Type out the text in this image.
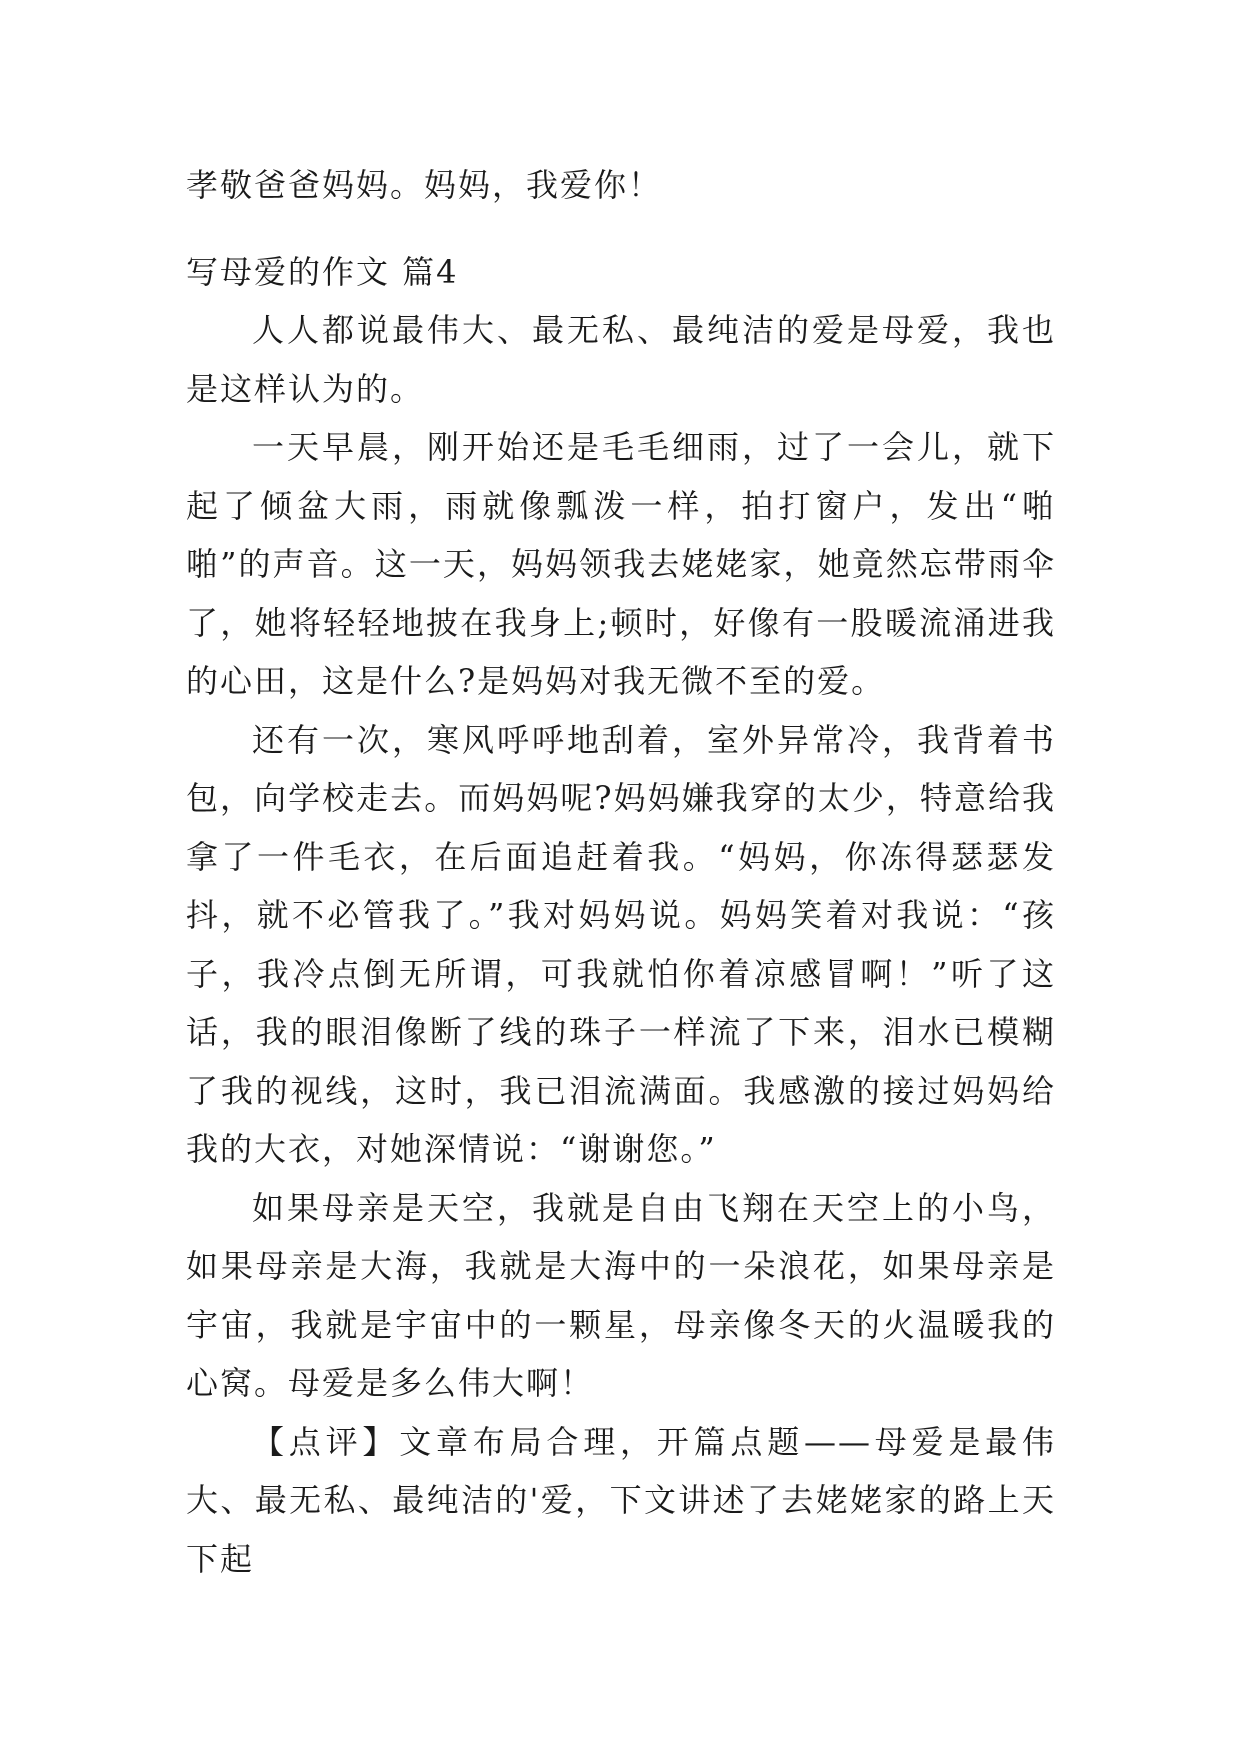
孝敬爸爸妈妈。妈妈，我爱你！

写母爱的作文 篇4

人人都说最伟大、最无私、最纯洁的爱是母爱，我也是这样认为的。

一天早晨，刚开始还是毛毛细雨，过了一会儿，就下起了倾盆大雨，雨就像瓢泼一样，拍打窗户，发出“啪啪”的声音。这一天，妈妈领我去姥姥家，她竟然忘带雨伞了，她将轻轻地披在我身上;顿时，好像有一股暖流涌进我的心田，这是什么?是妈妈对我无微不至的爱。

还有一次，寒风呼呼地刮着，室外异常冷，我背着书包，向学校走去。而妈妈呢?妈妈嫌我穿的太少，特意给我拿了一件毛衣，在后面追赶着我。“妈妈，你冻得瑟瑟发抖，就不必管我了。”我对妈妈说。妈妈笑着对我说：“孩子，我冷点倒无所谓，可我就怕你着凉感冒啊！”听了这话，我的眼泪像断了线的珠子一样流了下来，泪水已模糊了我的视线，这时，我已泪流满面。我感激的接过妈妈给我的大衣，对她深情说：“谢谢您。”

如果母亲是天空，我就是自由飞翔在天空上的小鸟，如果母亲是大海，我就是大海中的一朵浪花，如果母亲是宇宙，我就是宇宙中的一颗星，母亲像冬天的火温暖我的心窝。母爱是多么伟大啊！

【点评】文章布局合理，开篇点题——母爱是最伟大、最无私、最纯洁的'爱，下文讲述了去姥姥家的路上天下起
